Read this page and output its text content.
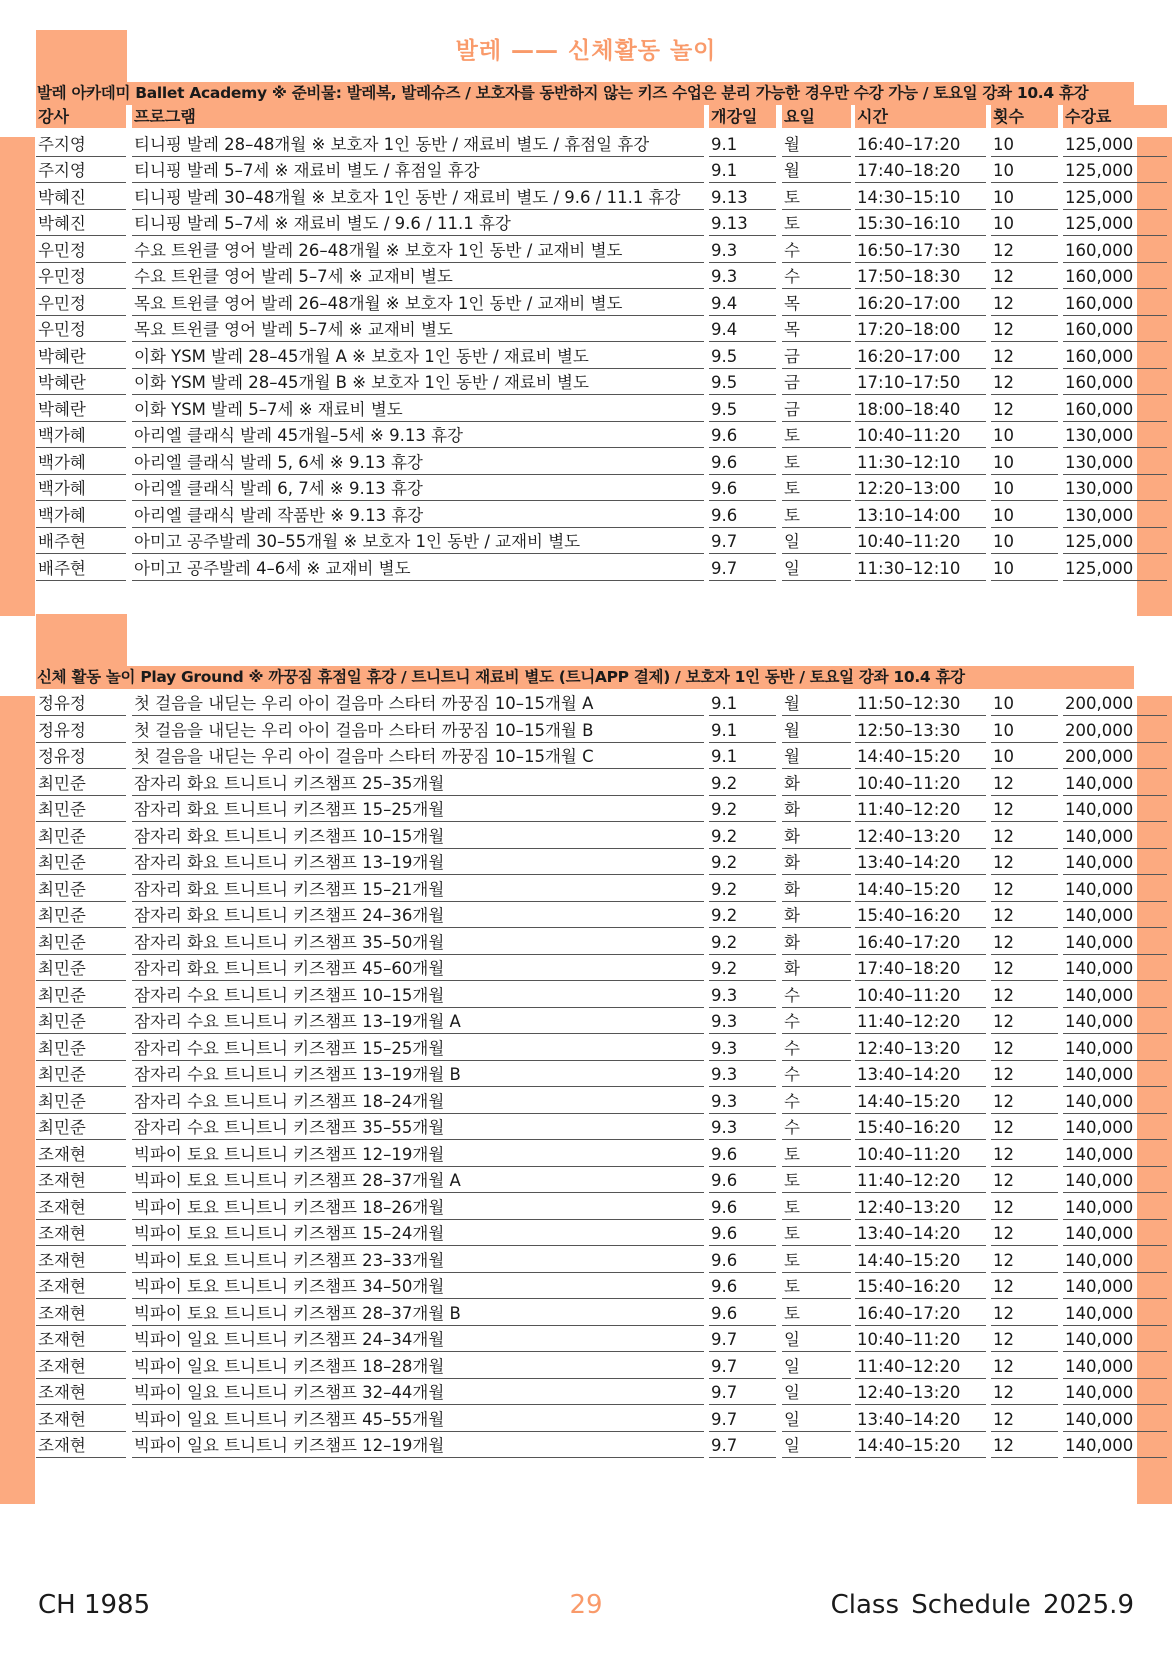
발레 —— 신체활동 놀이
발레 아카데미 Ballet Academy ※ 준비물: 발레복, 발레슈즈 / 보호자를 동반하지 않는 키즈 수업은 분리 가능한 경우만 수강 가능 / 토요일 강좌 10.4 휴강
강사	프로그램	개강일	요일	시간	횟수	수강료
주지영	티니핑 발레 28–48개월 ※ 보호자 1인 동반 / 재료비 별도 / 휴점일 휴강	9.1	월	16:40–17:20	10	125,000
주지영	티니핑 발레 5–7세 ※ 재료비 별도 / 휴점일 휴강	9.1	월	17:40–18:20	10	125,000
박혜진	티니핑 발레 30–48개월 ※ 보호자 1인 동반 / 재료비 별도 / 9.6 / 11.1 휴강	9.13	토	14:30–15:10	10	125,000
박혜진	티니핑 발레 5–7세 ※ 재료비 별도 / 9.6 / 11.1 휴강	9.13	토	15:30–16:10	10	125,000
우민정	수요 트윈클 영어 발레 26–48개월 ※ 보호자 1인 동반 / 교재비 별도	9.3	수	16:50–17:30	12	160,000
우민정	수요 트윈클 영어 발레 5–7세 ※ 교재비 별도	9.3	수	17:50–18:30	12	160,000
우민정	목요 트윈클 영어 발레 26–48개월 ※ 보호자 1인 동반 / 교재비 별도	9.4	목	16:20–17:00	12	160,000
우민정	목요 트윈클 영어 발레 5–7세 ※ 교재비 별도	9.4	목	17:20–18:00	12	160,000
박혜란	이화 YSM 발레 28–45개월 A ※ 보호자 1인 동반 / 재료비 별도	9.5	금	16:20–17:00	12	160,000
박혜란	이화 YSM 발레 28–45개월 B ※ 보호자 1인 동반 / 재료비 별도	9.5	금	17:10–17:50	12	160,000
박혜란	이화 YSM 발레 5–7세 ※ 재료비 별도	9.5	금	18:00–18:40	12	160,000
백가혜	아리엘 클래식 발레 45개월–5세 ※ 9.13 휴강	9.6	토	10:40–11:20	10	130,000
백가혜	아리엘 클래식 발레 5, 6세 ※ 9.13 휴강	9.6	토	11:30–12:10	10	130,000
백가혜	아리엘 클래식 발레 6, 7세 ※ 9.13 휴강	9.6	토	12:20–13:00	10	130,000
백가혜	아리엘 클래식 발레 작품반 ※ 9.13 휴강	9.6	토	13:10–14:00	10	130,000
배주현	아미고 공주발레 30–55개월 ※ 보호자 1인 동반 / 교재비 별도	9.7	일	10:40–11:20	10	125,000
배주현	아미고 공주발레 4–6세 ※ 교재비 별도	9.7	일	11:30–12:10	10	125,000
신체 활동 놀이 Play Ground ※ 까꿍짐 휴점일 휴강 / 트니트니 재료비 별도 (트니APP 결제) / 보호자 1인 동반 / 토요일 강좌 10.4 휴강
정유정	첫 걸음을 내딛는 우리 아이 걸음마 스타터 까꿍짐 10–15개월 A	9.1	월	11:50–12:30	10	200,000
정유정	첫 걸음을 내딛는 우리 아이 걸음마 스타터 까꿍짐 10–15개월 B	9.1	월	12:50–13:30	10	200,000
정유정	첫 걸음을 내딛는 우리 아이 걸음마 스타터 까꿍짐 10–15개월 C	9.1	월	14:40–15:20	10	200,000
최민준	잠자리 화요 트니트니 키즈챔프 25–35개월	9.2	화	10:40–11:20	12	140,000
최민준	잠자리 화요 트니트니 키즈챔프 15–25개월	9.2	화	11:40–12:20	12	140,000
최민준	잠자리 화요 트니트니 키즈챔프 10–15개월	9.2	화	12:40–13:20	12	140,000
최민준	잠자리 화요 트니트니 키즈챔프 13–19개월	9.2	화	13:40–14:20	12	140,000
최민준	잠자리 화요 트니트니 키즈챔프 15–21개월	9.2	화	14:40–15:20	12	140,000
최민준	잠자리 화요 트니트니 키즈챔프 24–36개월	9.2	화	15:40–16:20	12	140,000
최민준	잠자리 화요 트니트니 키즈챔프 35–50개월	9.2	화	16:40–17:20	12	140,000
최민준	잠자리 화요 트니트니 키즈챔프 45–60개월	9.2	화	17:40–18:20	12	140,000
최민준	잠자리 수요 트니트니 키즈챔프 10–15개월	9.3	수	10:40–11:20	12	140,000
최민준	잠자리 수요 트니트니 키즈챔프 13–19개월 A	9.3	수	11:40–12:20	12	140,000
최민준	잠자리 수요 트니트니 키즈챔프 15–25개월	9.3	수	12:40–13:20	12	140,000
최민준	잠자리 수요 트니트니 키즈챔프 13–19개월 B	9.3	수	13:40–14:20	12	140,000
최민준	잠자리 수요 트니트니 키즈챔프 18–24개월	9.3	수	14:40–15:20	12	140,000
최민준	잠자리 수요 트니트니 키즈챔프 35–55개월	9.3	수	15:40–16:20	12	140,000
조재현	빅파이 토요 트니트니 키즈챔프 12–19개월	9.6	토	10:40–11:20	12	140,000
조재현	빅파이 토요 트니트니 키즈챔프 28–37개월 A	9.6	토	11:40–12:20	12	140,000
조재현	빅파이 토요 트니트니 키즈챔프 18–26개월	9.6	토	12:40–13:20	12	140,000
조재현	빅파이 토요 트니트니 키즈챔프 15–24개월	9.6	토	13:40–14:20	12	140,000
조재현	빅파이 토요 트니트니 키즈챔프 23–33개월	9.6	토	14:40–15:20	12	140,000
조재현	빅파이 토요 트니트니 키즈챔프 34–50개월	9.6	토	15:40–16:20	12	140,000
조재현	빅파이 토요 트니트니 키즈챔프 28–37개월 B	9.6	토	16:40–17:20	12	140,000
조재현	빅파이 일요 트니트니 키즈챔프 24–34개월	9.7	일	10:40–11:20	12	140,000
조재현	빅파이 일요 트니트니 키즈챔프 18–28개월	9.7	일	11:40–12:20	12	140,000
조재현	빅파이 일요 트니트니 키즈챔프 32–44개월	9.7	일	12:40–13:20	12	140,000
조재현	빅파이 일요 트니트니 키즈챔프 45–55개월	9.7	일	13:40–14:20	12	140,000
조재현	빅파이 일요 트니트니 키즈챔프 12–19개월	9.7	일	14:40–15:20	12	140,000
CH 1985	29	Class Schedule 2025.9
